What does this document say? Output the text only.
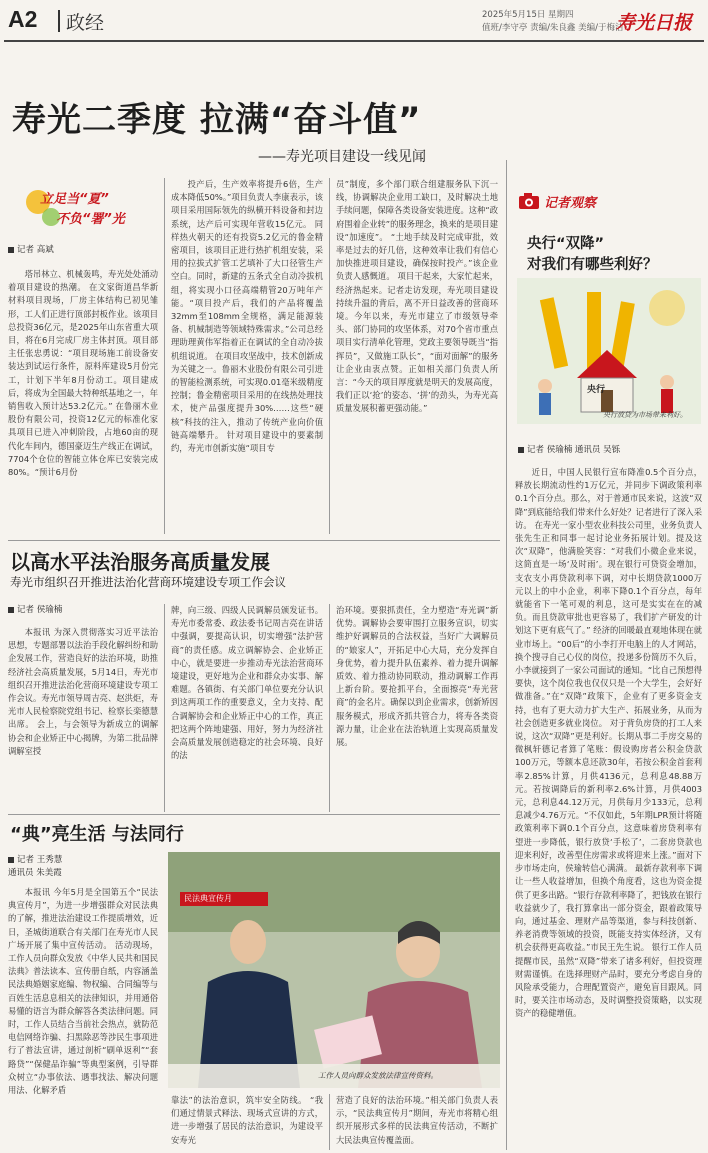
A2 政经	2025年5月15日 星期四
值班/李守亭 责编/朱良鑫 美编/于梅洁
寿光日报
寿光二季度 拉满“奋斗值”
——寿光项目建设一线见闻
立足当“夏”
不负“署”光
记者 高斌
塔吊林立、机械轰鸣，寿光处处涌动着项目建设的热潮。 在文家街道昌华新材料项目现场，厂房主体结构已初见雏形，工人们正进行顶部封板作业。该项目总投资36亿元，是2025年山东省重大项目，将在6月完成厂房主体封顶。项目部主任张忠勇说：“项目现场施工前设备安装达到试运行条件，原料库建设5月份完工，计划下半年8月份动工。项目建成后，将成为全国最大特种纸基地之一，年销售收入预计达53.2亿元。” 在鲁丽木业股份有限公司，投资12亿元的标准化家具项目已进入冲刺阶段，占地60亩的现代化车间内，德国豪迈生产线正在调试，7704个仓位的智能立体仓库已安装完成80%。“预计6月份
投产后，生产效率将提升6倍，生产成本降低50%。”项目负责人李康表示，该项目采用国际领先的纵横开料设备和封边系统，达产后可实现年营收15亿元。 同样热火朝天的还有投资5.2亿元的鲁金精密项目，该项目正进行热扩机组安装，采用的拉拔式扩管工艺填补了大口径管生产空白。同时，新建的五条式全自动冷拔机组，将实现小口径高端精管20万吨年产能。“项目投产后，我们的产品将覆盖32mm至108mm全规格，满足能源装备、机械制造等领域特殊需求。”公司总经理助理黄伟军指着正在调试的全自动冷拔机组说道。 在项目攻坚战中，技术创新成为关键之一。鲁丽木业股份有限公司引进的智能检测系统，可实现0.01毫米级精度控制；鲁金精密项目采用的在线热处理技术，使产品强度提升30%……这些“硬核”科技的注入，推动了传统产业向价值链高端攀升。 针对项目建设中的要素制约，寿光市创新实施“项目专
员”制度，多个部门联合组建服务队下沉一线，协调解决企业用工缺口，及时解决土地手续问题，保障各类设备安装进度。这种“政府围着企业转”的服务理念，换来的是项目建设“加速度”。 “土地手续及时完成审批，效率是过去的好几倍，这种效率让我们有信心加快推进项目建设，确保按时投产。”该企业负责人感慨道。 项目干起来，大家忙起来，经济热起来。记者走访发现，寿光项目建设持续升温的背后，离不开日益改善的营商环境。今年以来，寿光市建立了市级领导牵头、部门协同的攻坚体系，对70个省市重点项目实行清单化管理，党政主要领导既当“指挥员”，又做施工队长”，“面对面解”的服务让企业由衷点赞。正如相关部门负责人所言：“今天的项目厚度就是明天的发展高度，我们正以‘抢’的姿态、‘拼’的劲头，为寿光高质量发展积蓄更强动能。”
记者观察
央行“双降”
对我们有哪些利好？
央行
央行放贷为市场带来利好。
记者 侯瑜楠 通讯员 吴铄
近日，中国人民银行宣布降准0.5个百分点，释放长期流动性约1万亿元，并同步下调政策利率0.1个百分点。那么，对于普通市民来说，这波“双降”到底能给我们带来什么好处？记者进行了深入采访。 在寿光一家小型农业科技公司里，业务负责人张先生正和同事一起讨论业务拓展计划。提及这次“双降”，他满脸笑容：“对我们小微企业来说，这简直是一场‘及时雨’。现在银行可贷资金增加，支农支小再贷款利率下调，对中长期贷款1000万元以上的中小企业，利率下降0.1个百分点，每年就能省下一笔可观的利息，这可是实实在在的减负。而且贷款审批也更容易了，我们扩产研发的计划这下更有底气了。” 经济的回暖最直观地体现在就业市场上。“00后”的小李打开电脑上的人才网站，换个搜寻自己心仪的岗位，投递多份简历不久后，小李就接到了一家公司面试的通知。“比自己预想得要快，这个岗位我也仅仅只是一个大学生，会好好做准备。”在“双降”政策下，企业有了更多资金支持，也有了更大动力扩大生产、拓展业务，从而为社会创造更多就业岗位。 对于背负房贷的打工人来说，这次“双降”更是利好。长期从事二手房交易的微枫轩德记者算了笔账：假设购房者公积金贷款100万元，等额本息还款30年，若按公积金首套利率2.85%计算，月供4136元，总利息48.88万元。若按调降后的新利率2.6%计算，月供4003元，总利息44.12万元，月供每月少133元，总利息减少4.76万元。“不仅如此，5年期LPR预计将随政策利率下调0.1个百分点，这意味着房贷利率有望进一步降低，银行放贷‘手松了’，二套房贷款也迎来利好，改善型住房需求或将迎来上涨。”面对下步市场走向，侯瑜转信心满满。 最新存款利率下调让一些人收益增加，但换个角度看，这也为资金提供了更多出路。“银行存款利率降了，把钱放在银行收益就少了，我打算拿出一部分资金，跟着政策导向，通过基金、理财产品等渠道，参与科技创新、养老消费等领域的投资，既能支持实体经济，又有机会获得更高收益。”市民王先生说。 银行工作人员提醒市民，虽然“双降”带来了诸多利好，但投资理财需谨慎。在选择理财产品时，要充分考虑自身的风险承受能力，合理配置资产，避免盲目跟风。同时，要关注市场动态，及时调整投资策略，以实现资产的稳健增值。
以高水平法治服务高质量发展
寿光市组织召开推进法治化营商环境建设专项工作会议
记者 侯瑜楠
本报讯 为深入贯彻落实习近平法治思想，专题部署以法治手段化解纠纷和助企发展工作，营造良好的法治环境，助推经济社会高质量发展，5月14日，寿光市组织召开推进法治化营商环境建设专项工作会议。寿光市领导周吉亮、赵洪炬，寿光市人民检察院党组书记、检察长栾德慧出席。 会上，与会领导为新成立的调解协会和企业矫正中心揭牌，为第二批品牌调解室授
牌，向三级、四级人民调解员颁发证书。 寿光市委常委、政法委书记周吉亮在讲话中强调，要提高认识，切实增强“法护营商”的责任感。成立调解协会、企业矫正中心，就是要进一步推动寿光法治营商环境建设，更好地为企业和群众办实事、解难题。各镇街、有关部门单位要充分认识到这两项工作的重要意义，全力支持、配合调解协会和企业矫正中心的工作，真正把这两个阵地建强、用好，努力为经济社会高质量发展创造稳定的社会环境、良好的法
治环境。要狠抓责任，全力塑造“寿光调”新优势。调解协会要审围打立服务宣识，切实维护好调解员的合法权益，当好广大调解员的“娘家人”，开拓足中心大局，充分发挥自身优势，着力提升队伍素养、着力提升调解质效、着力推动协同联动，推动调解工作再上新台阶。要抢抓平台，全面擦亮“寿光营商”的金名片。确保以到企业需求，创新矫因服务模式，形成齐抓共管合力，将寿各类资源力量，让企业在法治轨道上实现高质量发展。
“典”亮生活 与法同行
记者 王秀慧
通讯员 朱美霞
本报讯 今年5月是全国第五个“民法典宣传月”，为进一步增强群众对民法典的了解，推进法治建设工作提质增效，近日，圣城街道联合有关部门在寿光市人民广场开展了集中宣传活动。 活动现场，工作人员向群众发放《中华人民共和国民法典》普法读本、宣传册自纸，内容涵盖民法典婚姻家庭编、物权编、合同编等与百姓生活息息相关的法律知识，并用通俗易懂的语言为群众解答各类法律问题。同时，工作人员结合当前社会热点，就防范电信网络诈骗、扫黑除恶等涉民生事项进行了普法宣讲，通过剖析“刷单返利”“套路贷”“保健品诈骗”等典型案例，引导群众树立“办事依法、遇事找法、解决问题用法、化解矛盾
民法典宣传月
工作人员向群众发放法律宣传资料。
靠法”的法治意识，筑牢安全防线。 “我们通过情景式释法、现场式宣讲的方式，进一步增强了居民的法治意识，为建设平安寿光
营造了良好的法治环境。”相关部门负责人表示，“民法典宣传月”期间，寿光市将精心组织开展形式多样的民法典宣传活动，不断扩大民法典宣传覆盖面。
